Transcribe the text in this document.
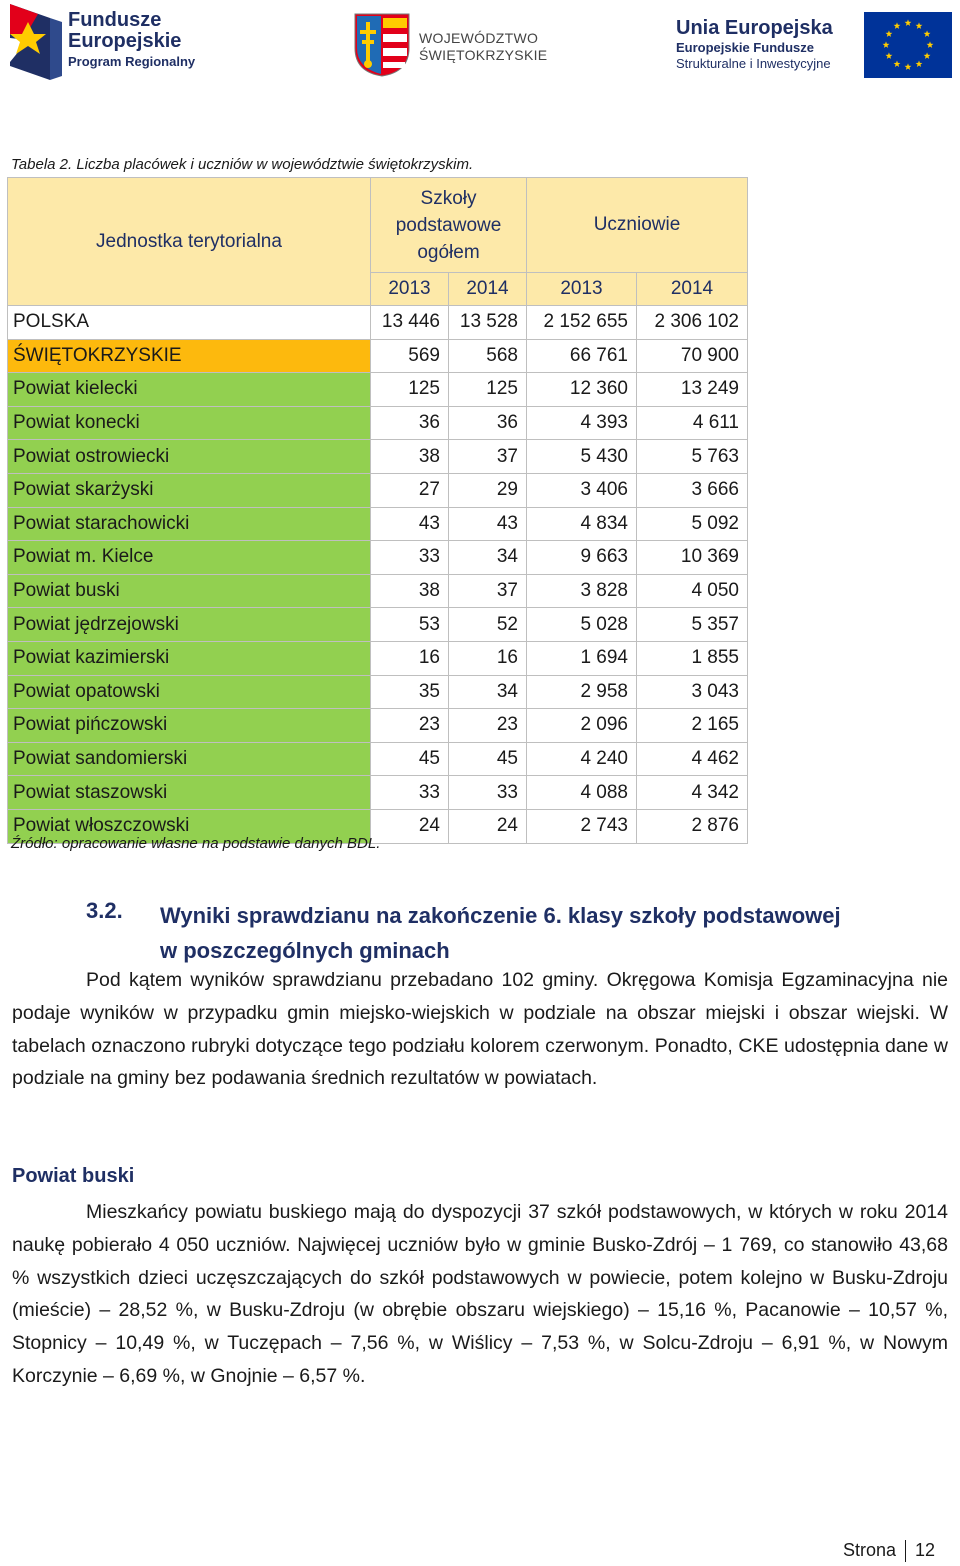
Fundusze
Europejskie
Program Regionalny
WOJEWÓDZTWO
ŚWIĘTOKRZYSKIE
Unia Europejska
Europejskie Fundusze
Strukturalne i Inwestycyjne
Tabela 2. Liczba placówek i uczniów w województwie świętokrzyskim.
Jednostka terytorialna	Szkoły podstawowe ogółem		Uczniowie	
	2013	2014	2013	2014
POLSKA	13 446	13 528	2 152 655	2 306 102
ŚWIĘTOKRZYSKIE	569	568	66 761	70 900
Powiat kielecki	125	125	12 360	13 249
Powiat konecki	36	36	4 393	4 611
Powiat ostrowiecki	38	37	5 430	5 763
Powiat skarżyski	27	29	3 406	3 666
Powiat starachowicki	43	43	4 834	5 092
Powiat m. Kielce	33	34	9 663	10 369
Powiat buski	38	37	3 828	4 050
Powiat jędrzejowski	53	52	5 028	5 357
Powiat kazimierski	16	16	1 694	1 855
Powiat opatowski	35	34	2 958	3 043
Powiat pińczowski	23	23	2 096	2 165
Powiat sandomierski	45	45	4 240	4 462
Powiat staszowski	33	33	4 088	4 342
Powiat włoszczowski	24	24	2 743	2 876
Źródło: opracowanie własne na podstawie danych BDL.
3.2. Wyniki sprawdzianu na zakończenie 6. klasy szkoły podstawowej w poszczególnych gminach
Pod kątem wyników sprawdzianu przebadano 102 gminy. Okręgowa Komisja Egzaminacyjna nie podaje wyników w przypadku gmin miejsko-wiejskich w podziale na obszar miejski i obszar wiejski. W tabelach oznaczono rubryki dotyczące tego podziału kolorem czerwonym. Ponadto, CKE udostępnia dane w podziale na gminy bez podawania średnich rezultatów w powiatach.
Powiat buski
Mieszkańcy powiatu buskiego mają do dyspozycji 37 szkół podstawowych, w których w roku 2014 naukę pobierało 4 050 uczniów. Najwięcej uczniów było w gminie Busko-Zdrój – 1 769, co stanowiło 43,68 % wszystkich dzieci uczęszczających do szkół podstawowych w powiecie, potem kolejno w Busku-Zdroju (mieście) – 28,52 %, w Busku-Zdroju (w obrębie obszaru wiejskiego) – 15,16 %, Pacanowie – 10,57 %, Stopnicy – 10,49 %, w Tuczępach – 7,56 %, w Wiślicy – 7,53 %, w Solcu-Zdroju – 6,91 %, w Nowym Korczynie – 6,69 %, w Gnojnie – 6,57 %.
Strona 12
